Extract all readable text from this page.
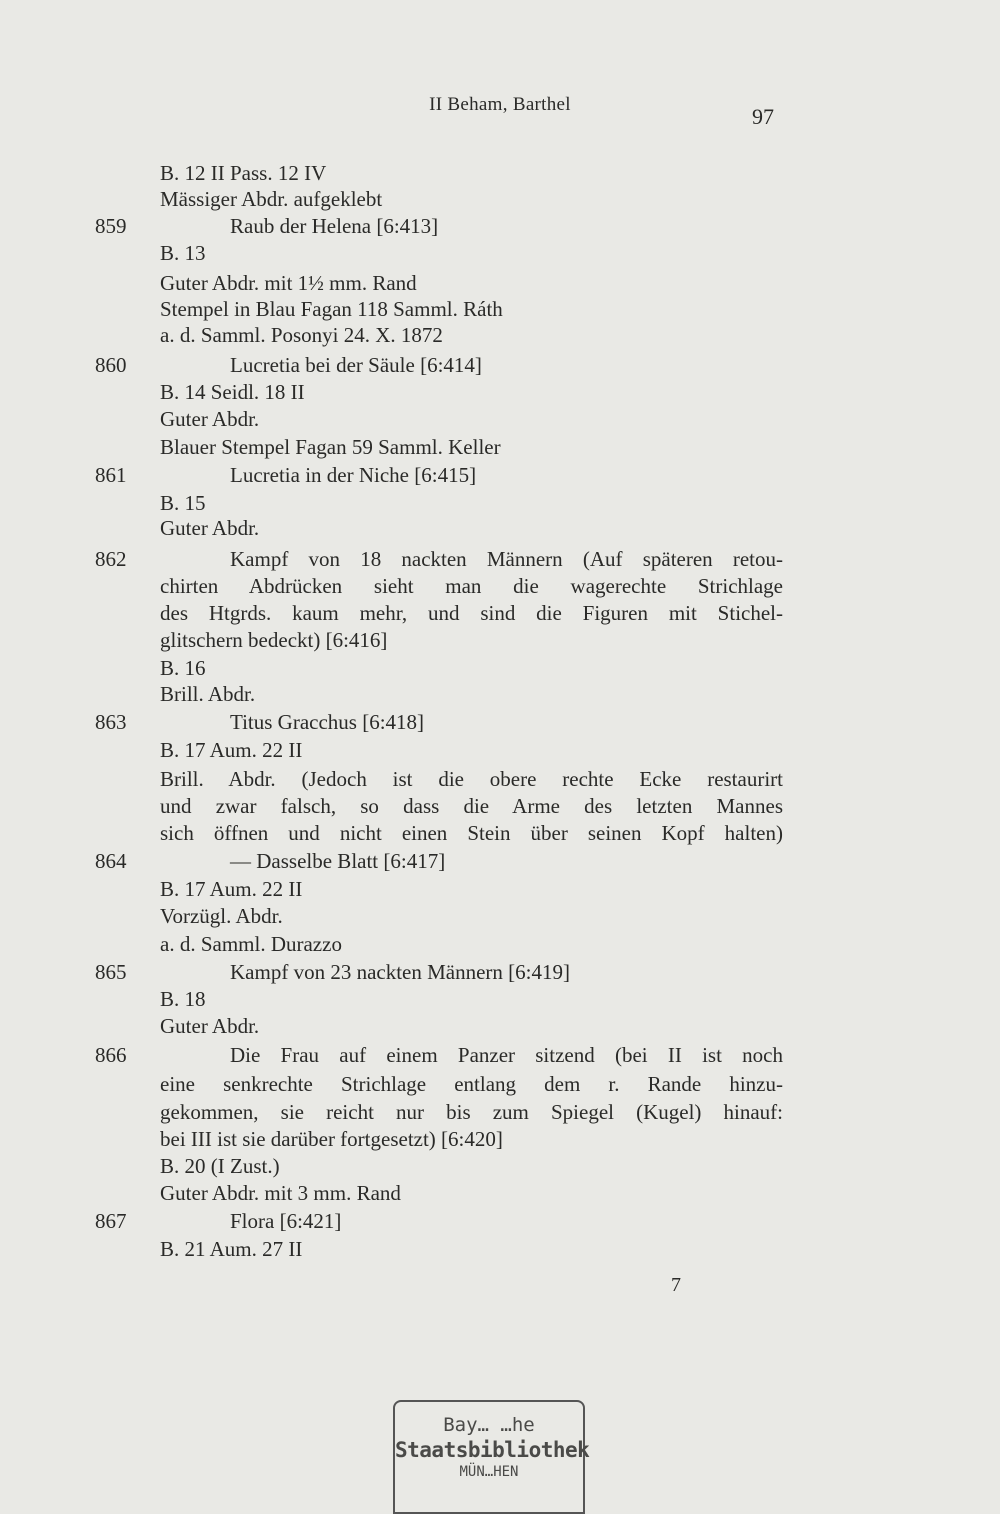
II Beham, Barthel	97
B. 12 II Pass. 12 IV
Mässiger Abdr. aufgeklebt
859	Raub der Helena [6:413]
B. 13
Guter Abdr. mit 1½ mm. Rand
Stempel in Blau Fagan 118 Samml. Ráth
a. d. Samml. Posonyi 24. X. 1872
860	Lucretia bei der Säule [6:414]
B. 14 Seidl. 18 II
Guter Abdr.
Blauer Stempel Fagan 59 Samml. Keller
861	Lucretia in der Niche [6:415]
B. 15
Guter Abdr.
862	Kampf von 18 nackten Männern (Auf späteren retou-
chirten Abdrücken sieht man die wagerechte Strichlage
des Htgrds. kaum mehr, und sind die Figuren mit Stichel-
glitschern bedeckt) [6:416]
B. 16
Brill. Abdr.
863	Titus Gracchus [6:418]
B. 17 Aum. 22 II
Brill. Abdr. (Jedoch ist die obere rechte Ecke restaurirt
und zwar falsch, so dass die Arme des letzten Mannes
sich öffnen und nicht einen Stein über seinen Kopf halten)
864	— Dasselbe Blatt [6:417]
B. 17 Aum. 22 II
Vorzügl. Abdr.
a. d. Samml. Durazzo
865	Kampf von 23 nackten Männern [6:419]
B. 18
Guter Abdr.
866	Die Frau auf einem Panzer sitzend (bei II ist noch
eine senkrechte Strichlage entlang dem r. Rande hinzu-
gekommen, sie reicht nur bis zum Spiegel (Kugel) hinauf:
bei III ist sie darüber fortgesetzt) [6:420]
B. 20 (I Zust.)
Guter Abdr. mit 3 mm. Rand
867	Flora [6:421]
B. 21 Aum. 27 II
7
Bay… …he
Staatsbibliothek
MÜN…HEN
